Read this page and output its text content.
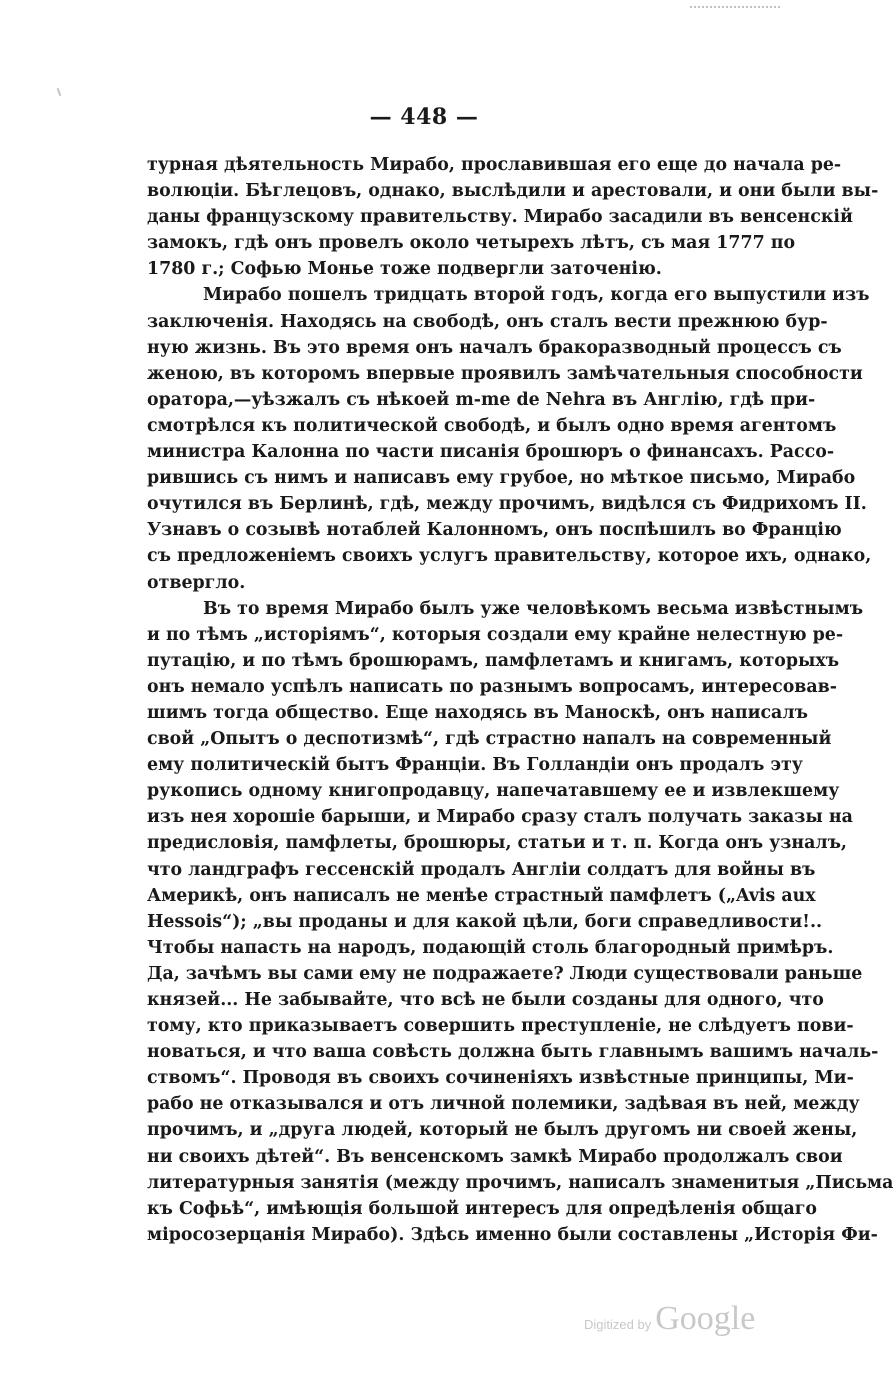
— 448 —
турная дѣятельность Мирабо, прославившая его еще до начала ре-
волюціи. Бѣглецовъ, однако, выслѣдили и арестовали, и они были вы-
даны французскому правительству. Мирабо засадили въ венсенскій
замокъ, гдѣ онъ провелъ около четырехъ лѣтъ, съ мая 1777 по
1780 г.; Софью Монье тоже подвергли заточенію.
Мирабо пошелъ тридцать второй годъ, когда его выпустили изъ
заключенія. Находясь на свободѣ, онъ сталъ вести прежнюю бур-
ную жизнь. Въ это время онъ началъ бракоразводный процессъ съ
женою, въ которомъ впервые проявилъ замѣчательныя способности
оратора,—уѣзжалъ съ нѣкоей m-me de Nehra въ Англію, гдѣ при-
смотрѣлся къ политической свободѣ, и былъ одно время агентомъ
министра Калонна по части писанія брошюръ о финансахъ. Рассо-
рившись съ нимъ и написавъ ему грубое, но мѣткое письмо, Мирабо
очутился въ Берлинѣ, гдѣ, между прочимъ, видѣлся съ Фидрихомъ II.
Узнавъ о созывѣ нотаблей Калонномъ, онъ поспѣшилъ во Францію
съ предложеніемъ своихъ услугъ правительству, которое ихъ, однако,
отвергло.
Въ то время Мирабо былъ уже человѣкомъ весьма извѣстнымъ
и по тѣмъ „исторіямъ“, которыя создали ему крайне нелестную ре-
путацію, и по тѣмъ брошюрамъ, памфлетамъ и книгамъ, которыхъ
онъ немало успѣлъ написать по разнымъ вопросамъ, интересовав-
шимъ тогда общество. Еще находясь въ Маноскѣ, онъ написалъ
свой „Опытъ о деспотизмѣ“, гдѣ страстно напалъ на современный
ему политическій бытъ Франціи. Въ Голландіи онъ продалъ эту
рукопись одному книгопродавцу, напечатавшему ее и извлекшему
изъ нея хорошіе барыши, и Мирабо сразу сталъ получать заказы на
предисловія, памфлеты, брошюры, статьи и т. п. Когда онъ узналъ,
что ландграфъ гессенскій продалъ Англіи солдатъ для войны въ
Америкѣ, онъ написалъ не менѣе страстный памфлетъ („Avis aux
Hessois“); „вы проданы и для какой цѣли, боги справедливости!..
Чтобы напасть на народъ, подающій столь благородный примѣръ.
Да, зачѣмъ вы сами ему не подражаете? Люди существовали раньше
князей... Не забывайте, что всѣ не были созданы для одного, что
тому, кто приказываетъ совершить преступленіе, не слѣдуетъ пови-
новаться, и что ваша совѣсть должна быть главнымъ вашимъ началь-
ствомъ“. Проводя въ своихъ сочиненіяхъ извѣстные принципы, Ми-
рабо не отказывался и отъ личной полемики, задѣвая въ ней, между
прочимъ, и „друга людей, который не былъ другомъ ни своей жены,
ни своихъ дѣтей“. Въ венсенскомъ замкѣ Мирабо продолжалъ свои
литературныя занятія (между прочимъ, написалъ знаменитыя „Письма
къ Софьѣ“, имѣющія большой интересъ для опредѣленія общаго
міросозерцанія Мирабо). Здѣсь именно были составлены „Исторія Фи-
Digitized by Google
